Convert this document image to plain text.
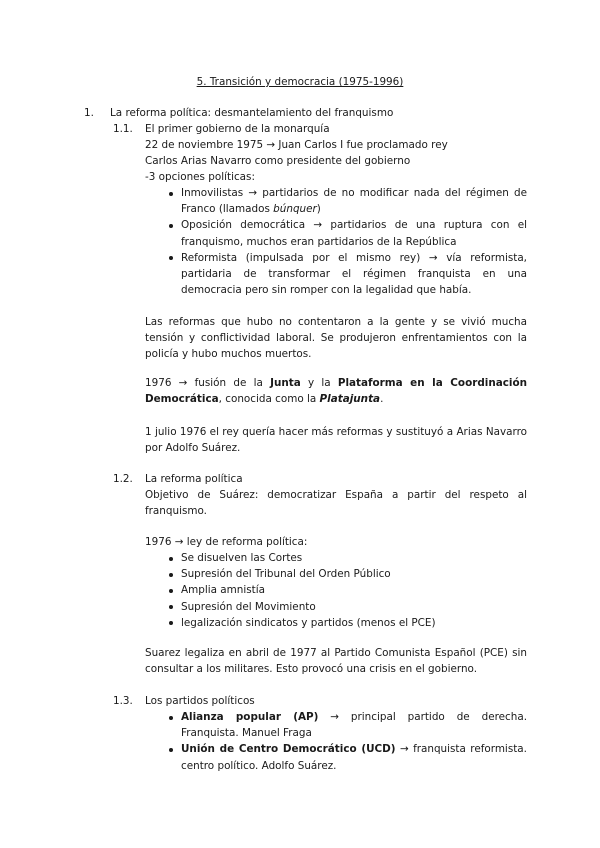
5. Transición y democracia (1975-1996)
1. La reforma política: desmantelamiento del franquismo
1.1. El primer gobierno de la monarquía
22 de noviembre 1975 → Juan Carlos I fue proclamado rey
Carlos Arias Navarro como presidente del gobierno
-3 opciones políticas:
Inmovilistas → partidarios de no modificar nada del régimen de Franco (llamados búnquer)
Oposición democrática → partidarios de una ruptura con el franquismo, muchos eran partidarios de la República
Reformista (impulsada por el mismo rey) → vía reformista, partidaria de transformar el régimen franquista en una democracia pero sin romper con la legalidad que había.
Las reformas que hubo no contentaron a la gente y se vivió mucha tensión y conflictividad laboral. Se produjeron enfrentamientos con la policía y hubo muchos muertos.
1976 → fusión de la Junta y la Plataforma en la Coordinación Democrática, conocida como la Platajunta.
1 julio 1976 el rey quería hacer más reformas y sustituyó a Arias Navarro por Adolfo Suárez.
1.2. La reforma política
Objetivo de Suárez: democratizar España a partir del respeto al franquismo.
1976 → ley de reforma política:
Se disuelven las Cortes
Supresión del Tribunal del Orden Público
Amplia amnistía
Supresión del Movimiento
legalización sindicatos y partidos (menos el PCE)
Suarez legaliza en abril de 1977 al Partido Comunista Español (PCE) sin consultar a los militares. Esto provocó una crisis en el gobierno.
1.3. Los partidos políticos
Alianza popular (AP) → principal partido de derecha. Franquista. Manuel Fraga
Unión de Centro Democrático (UCD) → franquista reformista. centro político. Adolfo Suárez.
